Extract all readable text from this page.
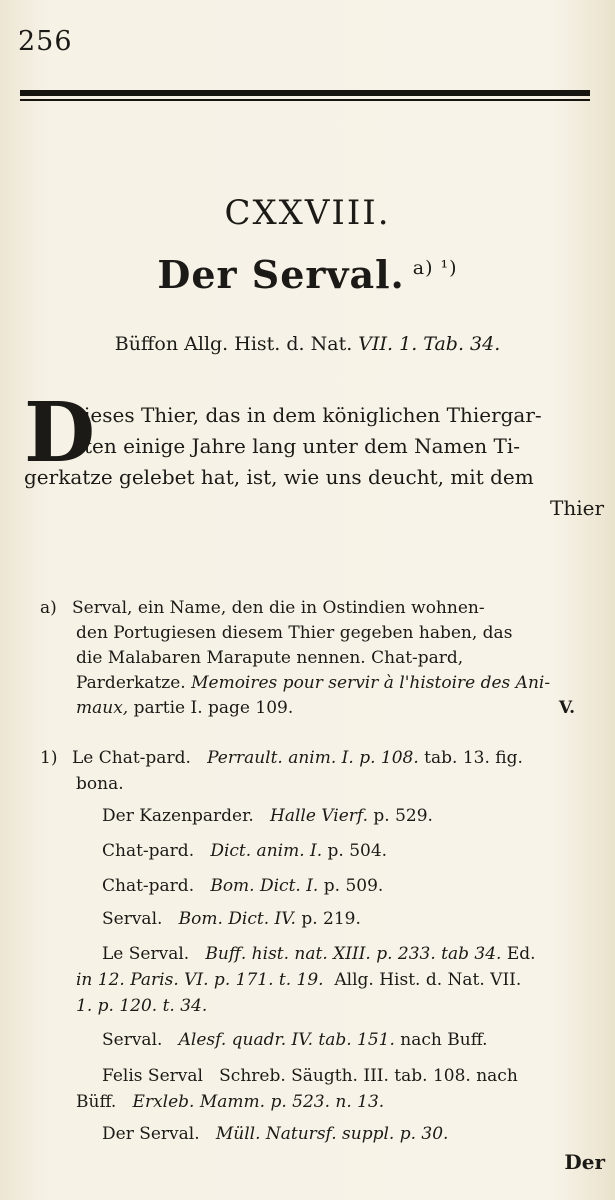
256
CXXVIII.
Der Serval. $^{a) ^1)}$
Büffon Allg. Hist. d. Nat. VII. 1. Tab. 34.
D
ieses Thier, das in dem königlichen Thiergar-
ten einige Jahre lang unter dem Namen Ti-
gerkatze gelebet hat, ist, wie uns deucht, mit dem
Thier
a) Serval, ein Name, den die in Ostindien wohnen-
den Portugiesen diesem Thier gegeben haben, das
die Malabaren Marapute nennen. Chat-pard,
Parderkatze. Memoires pour servir à l'histoire des Ani-
maux, partie I. page 109.	V.
1) Le Chat-pard. Perrault. anim. I. p. 108. tab. 13. fig.
bona.
Der Kazenparder. Halle Vierf. p. 529.
Chat-pard. Dict. anim. I. p. 504.
Chat-pard. Bom. Dict. I. p. 509.
Serval. Bom. Dict. IV. p. 219.
Le Serval. Buff. hist. nat. XIII. p. 233. tab 34. Ed.
in 12. Paris. VI. p. 171. t. 19. Allg. Hist. d. Nat. VII.
1. p. 120. t. 34.
Serval. Alesf. quadr. IV. tab. 151. nach Buff.
Felis Serval Schreb. Säugth. III. tab. 108. nach
Büff. Erxleb. Mamm. p. 523. n. 13.
Der Serval. Müll. Natursf. suppl. p. 30.
Der
